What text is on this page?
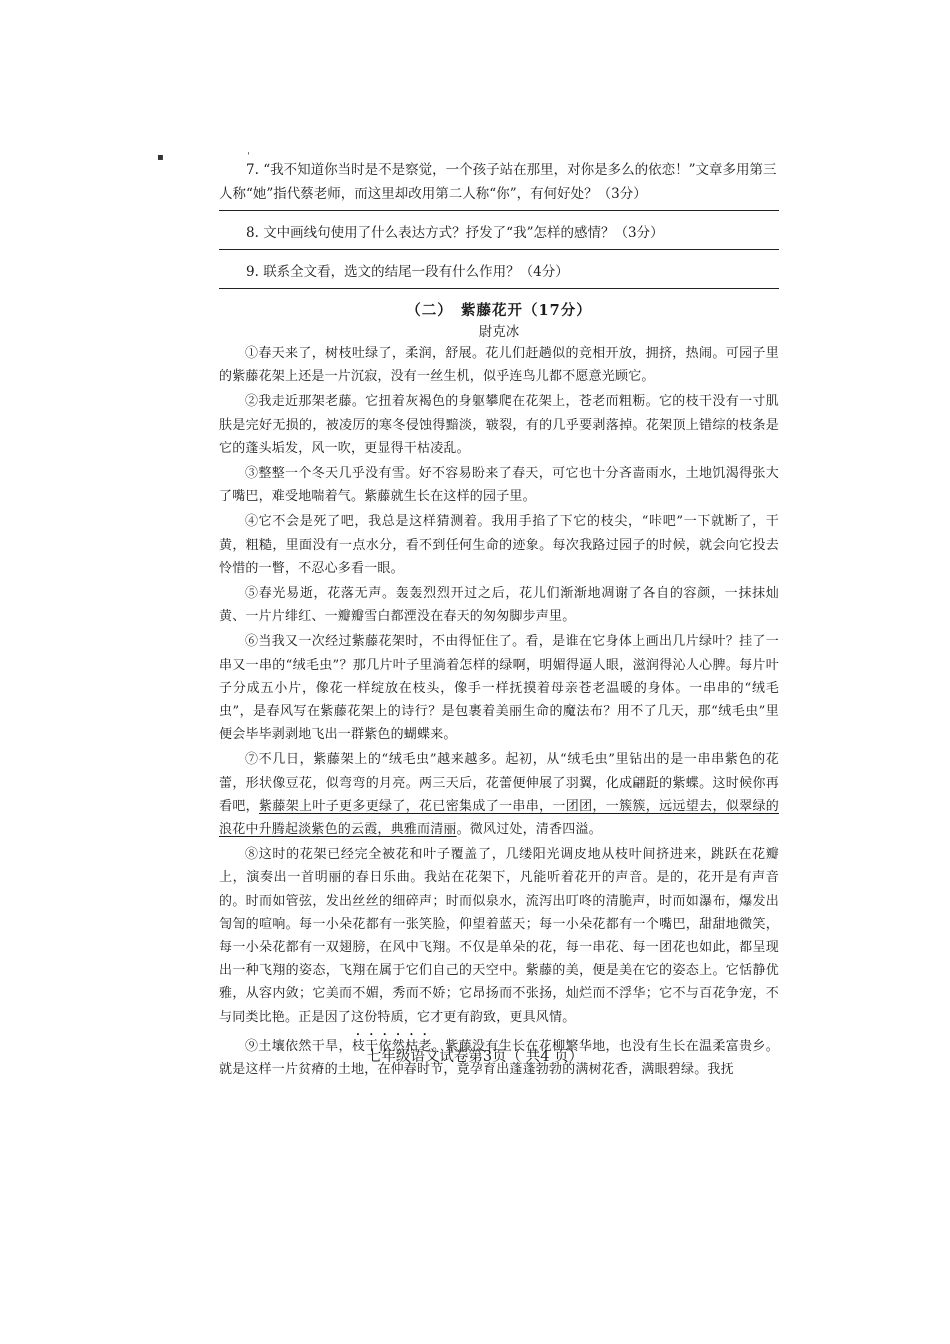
▪ ˈ

7. “我不知道你当时是不是察觉，一个孩子站在那里，对你是多么的依恋！”文章多用第三人称“她”指代蔡老师，而这里却改用第二人称“你”，有何好处？（3分）

8. 文中画线句使用了什么表达方式？抒发了“我”怎样的感情？（3分）

9. 联系全文看，选文的结尾一段有什么作用？（4分）

（二）　紫藤花开（17分）

尉克冰

①春天来了，树枝吐绿了，柔润，舒展。花儿们赶趟似的竞相开放，拥挤，热闹。可园子里的紫藤花架上还是一片沉寂，没有一丝生机，似乎连鸟儿都不愿意光顾它。

②我走近那架老藤。它扭着灰褐色的身躯攀爬在花架上，苍老而粗粝。它的枝干没有一寸肌肤是完好无损的，被凌厉的寒冬侵蚀得黯淡，皲裂，有的几乎要剥落掉。花架顶上错综的枝条是它的蓬头垢发，风一吹，更显得干枯凌乱。

③整整一个冬天几乎没有雪。好不容易盼来了春天，可它也十分吝啬雨水，土地饥渴得张大了嘴巴，难受地喘着气。紫藤就生长在这样的园子里。

④它不会是死了吧，我总是这样猜测着。我用手掐了下它的枝尖，“咔吧”一下就断了，干黄，粗糙，里面没有一点水分，看不到任何生命的迹象。每次我路过园子的时候，就会向它投去怜惜的一瞥，不忍心多看一眼。

⑤春光易逝，花落无声。轰轰烈烈开过之后，花儿们渐渐地凋谢了各自的容颜，一抹抹灿黄、一片片绯红、一瓣瓣雪白都湮没在春天的匆匆脚步声里。

⑥当我又一次经过紫藤花架时，不由得怔住了。看，是谁在它身体上画出几片绿叶？挂了一串又一串的“绒毛虫”？那几片叶子里淌着怎样的绿啊，明媚得逼人眼，滋润得沁人心脾。每片叶子分成五小片，像花一样绽放在枝头，像手一样抚摸着母亲苍老温暖的身体。一串串的“绒毛虫”，是春风写在紫藤花架上的诗行？是包裹着美丽生命的魔法布？用不了几天，那“绒毛虫”里便会毕毕剥剥地飞出一群紫色的蝴蝶来。

⑦不几日，紫藤架上的“绒毛虫”越来越多。起初，从“绒毛虫”里钻出的是一串串紫色的花蕾，形状像豆花，似弯弯的月亮。两三天后，花蕾便伸展了羽翼，化成翩跹的紫蝶。这时候你再看吧，紫藤架上叶子更多更绿了，花已密集成了一串串，一团团，一簇簇，远远望去，似翠绿的浪花中升腾起淡紫色的云霞，典雅而清丽。微风过处，清香四溢。

⑧这时的花架已经完全被花和叶子覆盖了，几缕阳光调皮地从枝叶间挤进来，跳跃在花瓣上，演奏出一首明丽的春日乐曲。我站在花架下，凡能听着花开的声音。是的，花开是有声音的。时而如管弦，发出丝丝的细碎声；时而似泉水，流泻出叮咚的清脆声，时而如瀑布，爆发出訇訇的喧响。每一小朵花都有一张笑脸，仰望着蓝天；每一小朵花都有一个嘴巴，甜甜地微笑，每一小朵花都有一双翅膀，在风中飞翔。不仅是单朵的花，每一串花、每一团花也如此，都呈现出一种飞翔的姿态，飞翔在属于它们自己的天空中。紫藤的美，便是美在它的姿态上。它恬静优雅，从容内敛；它美而不媚，秀而不娇；它昂扬而不张扬，灿烂而不浮华；它不与百花争宠，不与同类比艳。正是因了这份特质，它才更有韵致，更具风情。

⑨土壤依然干旱，枝干依然枯老。紫藤没有生长在花柳繁华地，也没有生长在温柔富贵乡。就是这样一片贫瘠的土地，在仲春时节，竟孕育出蓬蓬勃勃的满树花香，满眼碧绿。我抚

七年级语文试卷第3页（ 共4 页）
